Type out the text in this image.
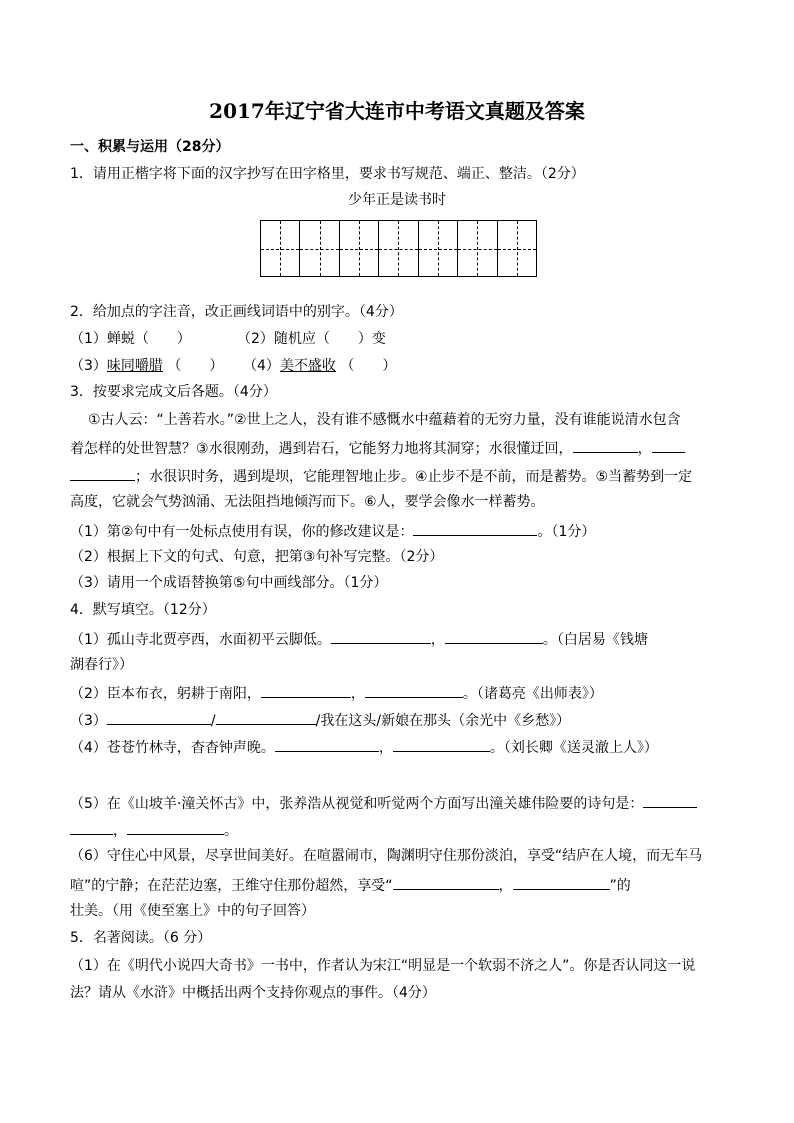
2017年辽宁省大连市中考语文真题及答案
一、积累与运用（28分）
1．请用正楷字将下面的汉字抄写在田字格里，要求书写规范、端正、整洁。（2分）
少年正是读书时
2．给加点的字注音，改正画线词语中的别字。（4分）
（1）蝉蜕（　　）	（2）随机应（　　）变
（3）味同嚼腊 （　　） （4）美不盛收 （　　）
3．按要求完成文后各题。（4分）
①古人云：“上善若水。”②世上之人，没有谁不感慨水中蕴藉着的无穷力量，没有谁能说清水包含
着怎样的处世智慧？③水很刚劲，遇到岩石，它能努力地将其洞穿；水很懂迂回，	，
；水很识时务，遇到堤坝，它能理智地止步。④止步不是不前，而是蓄势。⑤当蓄势到一定
高度，它就会气势汹涌、无法阻挡地倾泻而下。⑥人，要学会像水一样蓄势。
（1）第②句中有一处标点使用有误，你的修改建议是：	。（1分）
（2）根据上下文的句式、句意，把第③句补写完整。（2分）
（3）请用一个成语替换第⑤句中画线部分。（1分）
4．默写填空。（12分）
（1）孤山寺北贾亭西，水面初平云脚低。	，	。（白居易《钱塘
湖春行》）
（2）臣本布衣，躬耕于南阳，	，	。（诸葛亮《出师表》）
（3）	/	/我在这头/新娘在那头（余光中《乡愁》）
（4）苍苍竹林寺，杳杳钟声晚。	，	。（刘长卿《送灵澈上人》）
（5）在《山坡羊·潼关怀古》中，张养浩从视觉和听觉两个方面写出潼关雄伟险要的诗句是：
，	。
（6）守住心中风景，尽享世间美好。在喧嚣闹市，陶渊明守住那份淡泊，享受“结庐在人境，而无车马
喧”的宁静；在茫茫边塞，王维守住那份超然，享受“	，	”的
壮美。（用《使至塞上》中的句子回答）
5．名著阅读。（6 分）
（1）在《明代小说四大奇书》一书中，作者认为宋江“明显是一个软弱不济之人”。你是否认同这一说
法？请从《水浒》中概括出两个支持你观点的事件。（4分）
